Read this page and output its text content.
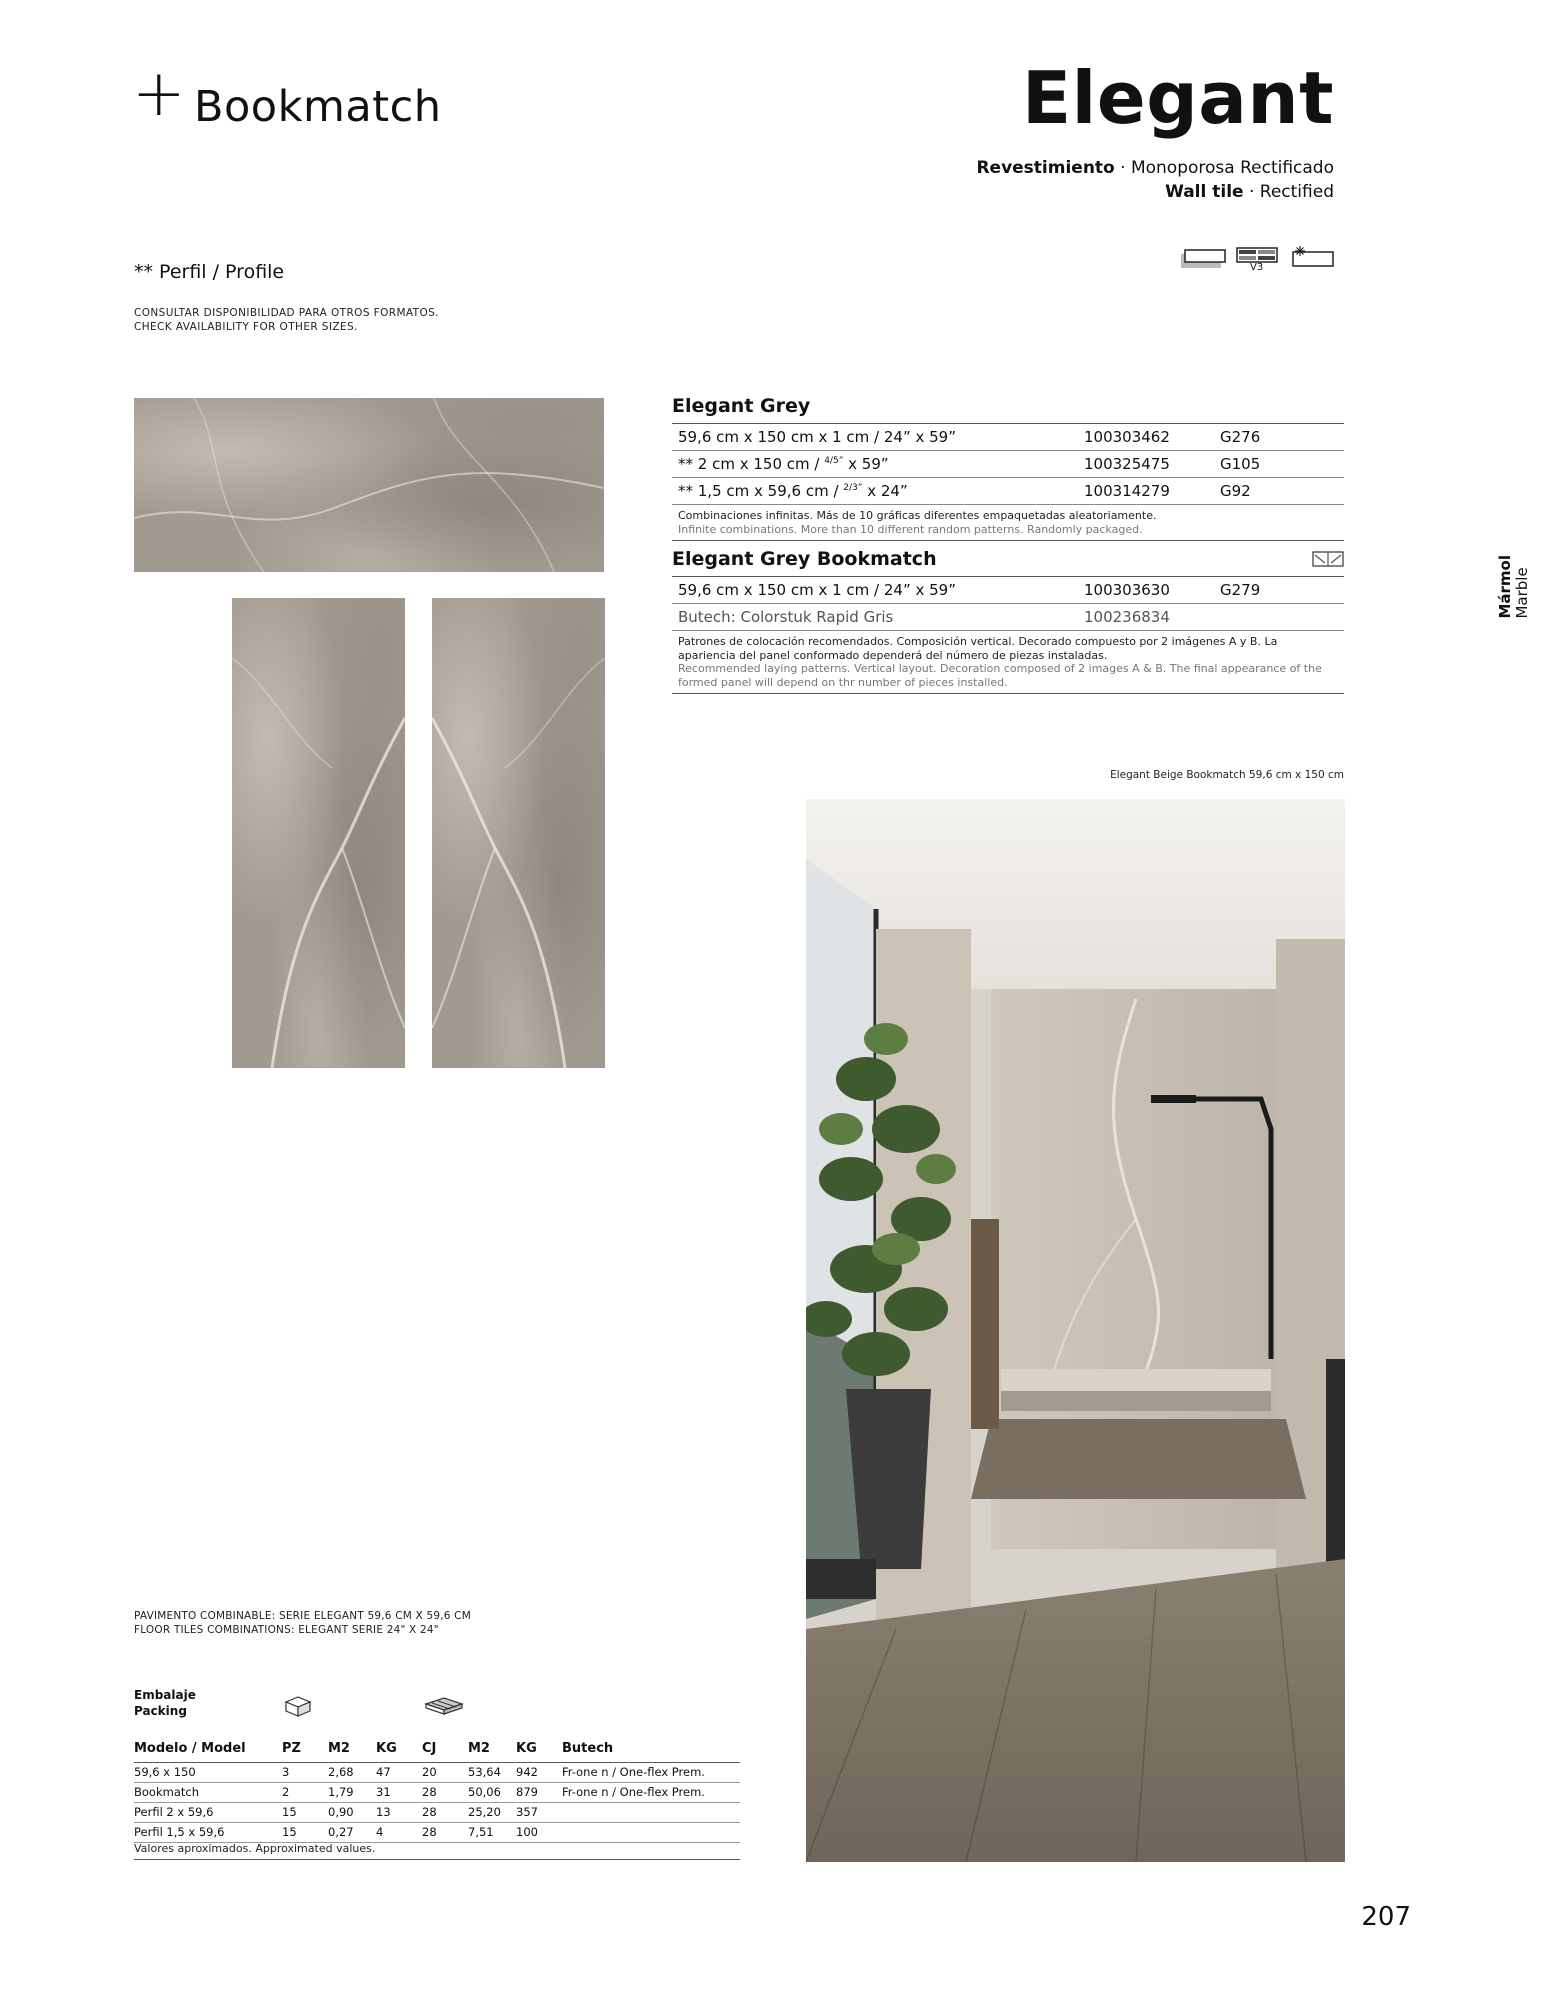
+ Bookmatch	Elegant
Revestimiento · Monoporosa Rectificado
Wall tile · Rectified
V3
** Perfil / Profile
CONSULTAR DISPONIBILIDAD PARA OTROS FORMATOS.
CHECK AVAILABILITY FOR OTHER SIZES.
Elegant Grey
59,6 cm x 150 cm x 1 cm / 24” x 59”	100303462	G276
** 2 cm x 150 cm / $^{4/5”}$ x 59”	100325475	G105
** 1,5 cm x 59,6 cm / $^{2/3”}$ x 24”	100314279	G92
Combinaciones infinitas. Más de 10 gráficas diferentes empaquetadas aleatoriamente.
Infinite combinations. More than 10 different random patterns. Randomly packaged.
Elegant Grey Bookmatch
59,6 cm x 150 cm x 1 cm / 24” x 59”	100303630	G279
Butech: Colorstuk Rapid Gris	100236834
Patrones de colocación recomendados. Composición vertical. Decorado compuesto por 2 imágenes A y B. La apariencia del panel conformado dependerá del número de piezas instaladas.
Recommended laying patterns. Vertical layout. Decoration composed of 2 images A & B. The final appearance of the formed panel will depend on thr number of pieces installed.
Mármol
Marble
Elegant Beige Bookmatch 59,6 cm x 150 cm
PAVIMENTO COMBINABLE: SERIE ELEGANT 59,6 CM X 59,6 CM
FLOOR TILES COMBINATIONS: ELEGANT SERIE 24" X 24"
Embalaje
Packing
Modelo / Model	PZ	M2	KG	CJ	M2	KG	Butech
59,6 x 150	3	2,68	47	20	53,64	942	Fr-one n / One-flex Prem.
Bookmatch	2	1,79	31	28	50,06	879	Fr-one n / One-flex Prem.
Perfil 2 x 59,6	15	0,90	13	28	25,20	357	
Perfil 1,5 x 59,6	15	0,27	4	28	7,51	100	
Valores aproximados. Approximated values.
207
